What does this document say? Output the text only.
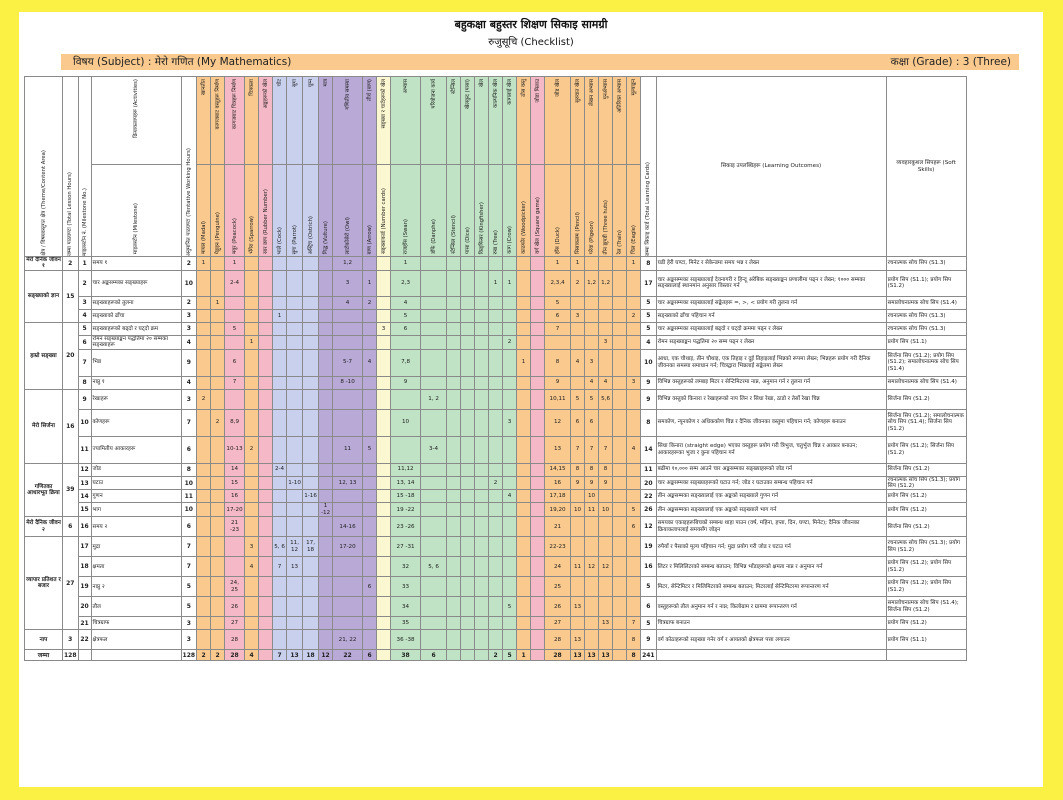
बहुकक्षा बहुस्तर शिक्षण सिकाइ सामग्री
रुजुसूचि (Checklist)
विषय (Subject) : मेरो गणित (My Mathematics)	कक्षा (Grade) : 3 (Three)
क्षेत्र / विषयवस्तुगत क्षेत्र (Theme/Content Area)	जम्मा पाठघण्टा (Total Lesson Hours)	माइलस्टोन नं. (Milestone No.)	क्रियाकलापहरू (Activities)	अनुमानित पाठघण्टा (Tentative Working Hours)	खानतीत	कागजबाट वस्तुहरू निर्माण	कागजबाट चित्रहरू निर्माण	चित्रकला	अङ्कहरूको खेल	चोट	सुगा	घुम्न	मात्र	गणितीय समस्या	तीर्थ (बाण)	सङ्ख्या र चार्टहरूको खेल	अभ्यास	परियोजना कार्य	स्टेन्सिल	खेलकुद (पासा)	खेल	काल्पनिक खेल	कागलाई खेल	ठोस वस्तु	जोडा मिलाउ	जोड खेल	सुरुवात खेल	लेखन अभ्यास	पुनर्अभ्यास	अतिरिक्त अभ्यास	मूल्याङ्कन	जम्मा सिकाइ कार्ड (Total Learning Cards)	सिकाइ उपलब्धिहरू (Learning Outcomes)	व्यवहारकुशल सिपहरू (Soft Skills)

			माइलस्टोन (Milestone)		मायल (Madal)	पेङ्गुइन (Penguine)	मयुर (Peacock)	भँगेरा (Sparrow)	रबर छाप (Rubber Number)	भाले (Cock)	सुगा (Parrot)	अस्ट्रिच (Ostrich)	गिद्ध (Vulture)	लाटोकोसेरो (Owl)	बाण (Arrow)	सङ्ख्याकार्ड (Number cards)	राजहाँस (Swan)	डाँफे (Danphe)	स्टेन्सिल (Stencil)	पासा (Dice)	किङ्फिसर (Kingfisher)	रुख (Tree)	काग (Crow)	काठफोर (Woodpicker)	वर्ग खेल (Square game)	हाँस (Duck)	सिसाकलम (Pencil)	परेवा (Pigeon)	तीन झुपडी (Three huts)	रेल (Train)	चिल (Eagle)			

मेरो दैनिक जीवन १	2	1	समय १	2	1		1							1,2			1									1	1				1	8	घडी हेरी घण्टा, मिनेट र सेकेन्डमा समय भन्न र लेख्न	रचनात्मक सोच सिप (S1.3)
सङ्ख्याको ज्ञान	15	2	चार अङ्कसम्मका सङ्ख्याहरू	10			2-4							3	1		2,3					1	1			2,3,4	2	1,2	1,2			17	चार अङ्कसम्मका सङ्ख्यालाई देवनागरी र हिन्दू अरेबिक सङ्ख्याङ्कन प्रणालीमा पढ्न र लेख्न; १००० सम्मका सङ्ख्यालाई स्थानमान अनुसार विस्तार गर्न	प्रयोग सिप (S1.1); प्रयोग सिप (S1.2)
		3	सङ्ख्याहरूको तुलना	2		1								4	2		4									5						5	चार अङ्कसम्मका सङ्ख्यालाई सङ्केतहरू =, >, < प्रयोग गरी तुलना गर्न	समालोचनात्मक सोच सिप (S1.4)
		4	सङ्ख्याको ढाँचा	3						1							5									6	3				2	5	सङ्ख्याको ढाँचा पहिचान गर्न	रचनात्मक सोच सिप (S1.3)
हाम्रो सङ्ख्या	20	5	सङ्ख्याहरूको बढ्दो र घट्दो क्रम	3			5									3	6									7						5	चार अङ्कसम्मका सङ्ख्यालाई बढ्दो र घट्दो क्रममा पढ्न र लेख्न	रचनात्मक सोच सिप (S1.3)
		6	रोमन सङ्ख्याङ्कन पद्धतिमा २० सम्मका सङ्ख्याहरू	4				1															2						3			4	रोमन सङ्ख्याङ्कन पद्धतिमा २० सम्म पढ्न र लेख्न	प्रयोग सिप (S1.1)
		7	भिन्न	9			6							5-7	4		7,8							1		8	4	3				10	आधा, एक चौथाइ, तीन चौथाइ, एक तिहाइ र दुई तिहाइलाई भिन्नको रूपमा लेख्न; भिन्नहरू प्रयोग गरी दैनिक जीवनका समस्या समाधान गर्न; चित्रद्वारा भिन्नलाई सङ्केतमा लेख्न	सिर्जना सिप (S1.2); प्रयोग सिप (S1.2); समालोचनात्मक सोच सिप (S1.4)
		8	नाप्नु १	4			7							8 -10			9									9		4	4		3	9	विभिन्न वस्तुहरूको लम्बाइ मिटर र सेन्टिमिटरमा नाप्न, अनुमान गर्न र तुलना गर्न	समालोचनात्मक सोच सिप (S1.4)
मेरो सिर्जना	16	9	रेखाहरू	3	2													1, 2								10,11	5	5	5,6			9	विभिन्न वस्तुको किनारा र रेखाहरूको नाप लिन र सिधा रेखा, ठाडो र तेर्सो रेखा चिन्न	सिर्जना सिप (S1.2)
		10	कोणहरू	7		2	8,9										10						3			12	6	6				8	समकोण, न्यूनकोण र अधिककोण चिन्न र दैनिक जीवनका वस्तुमा पहिचान गर्न; कोणहरू बनाउन	सिर्जना सिप (S1.2); समालोचनात्मक सोच सिप (S1.4); सिर्जना सिप (S1.2)
		11	ज्यामितीय आकारहरू	6			10-13	2						11	5			3-4								13	7	7	7		4	14	सिधा किनारा (straight edge) भएका वस्तुहरू प्रयोग गरी त्रिभुज, चतुर्भुज चिन्न र आकार बनाउन; आकारहरूका भुजा र कुना पहिचान गर्न	प्रयोग सिप (S1.2); सिर्जना सिप (S1.2)
गणितका आधारभूत क्रिया	39	12	जोड	8			14			2-4							11,12									14,15	8	8	8			11	बढीमा १०,००० सम्म आउने चार अङ्कसम्मका सङ्ख्याहरूको जोड गर्न	सिर्जना सिप (S1.2)
		13	घटाउ	10			15				1-10			12, 13			13, 14					2				16	9	9	9			20	चार अङ्कसम्मका सङ्ख्याहरूको घटाउ गर्न; जोड र घटाउका सम्बन्ध पहिचान गर्न	रचनात्मक सोच सिप (S1.3); प्रयोग सिप (S1.2)
		14	गुणन	11			16					1-16					15 -18						4			17,18		10				22	तीन अङ्कसम्मका सङ्ख्यालाई एक अङ्कको सङ्ख्याले गुणन गर्न	प्रयोग सिप (S1.2)
		15	भाग	10			17-20						1 -12				19 -22									19,20	10	11	10		5	26	तीन अङ्कसम्मका सङ्ख्यालाई एक अङ्कको सङ्ख्याले भाग गर्न	प्रयोग सिप (S1.2)
मेरो दैनिक जीवन २	6	16	समय २	6			21 -23							14-16			23 -26									21					6	12	समयका एकाइहरूबिचको सम्बन्ध थाहा पाउन (वर्ष, महिना, हप्ता, दिन, घण्टा, मिनेट); दैनिक जीवनका क्रियाकलापलाई समयसँग जोड्न	सिर्जना सिप (S1.2)
व्यापार प्रतिशत र बजार	27	17	मुद्रा	7				3		5, 6	11, 12	17, 18		17-20			27 -31									22-23						19	रुपैयाँ र पैसाको मूल्य पहिचान गर्न; मुद्रा प्रयोग गरी जोड र घटाउ गर्न	रचनात्मक सोच सिप (S1.3); प्रयोग सिप (S1.2)
		18	क्षमता	7				4		7	13						32	5, 6								24	11	12	12			16	लिटर र मिलिलिटरको सम्बन्ध बताउन; विभिन्न भाँडाहरूको क्षमता नाप्न र अनुमान गर्न	प्रयोग सिप (S1.2); प्रयोग सिप (S1.2)
		19	नाप्नु २	5			24, 25								6		33									25						5	मिटर, सेन्टिमिटर र मिलिमिटरको सम्बन्ध बताउन; मिटरलाई सेन्टिमिटरमा रूपान्तरण गर्न	प्रयोग सिप (S1.2); प्रयोग सिप (S1.2)
		20	तौल	5			26										34						5			26	13					6	वस्तुहरूको तौल अनुमान गर्न र नाप्न; किलोग्राम र ग्राममा रूपान्तरण गर्न	समालोचनात्मक सोच सिप (S1.4); सिर्जना सिप (S1.2)
		21	चित्रग्राफ	3			27										35									27			13		7	5	चित्रग्राफ बनाउन	प्रयोग सिप (S1.2)
नाप	3	22	क्षेत्रफल	3			28							21, 22			36 -38									28	13				8	9	वर्ग कोठाहरूको सङ्ख्या गनेर वर्ग र आयतको क्षेत्रफल पत्ता लगाउन	प्रयोग सिप (S1.1)
जम्मा	128			128	2	2	28	4		7	13	18	12	22	6		38	6				2	5	1		28	13	13	13		8	241		
